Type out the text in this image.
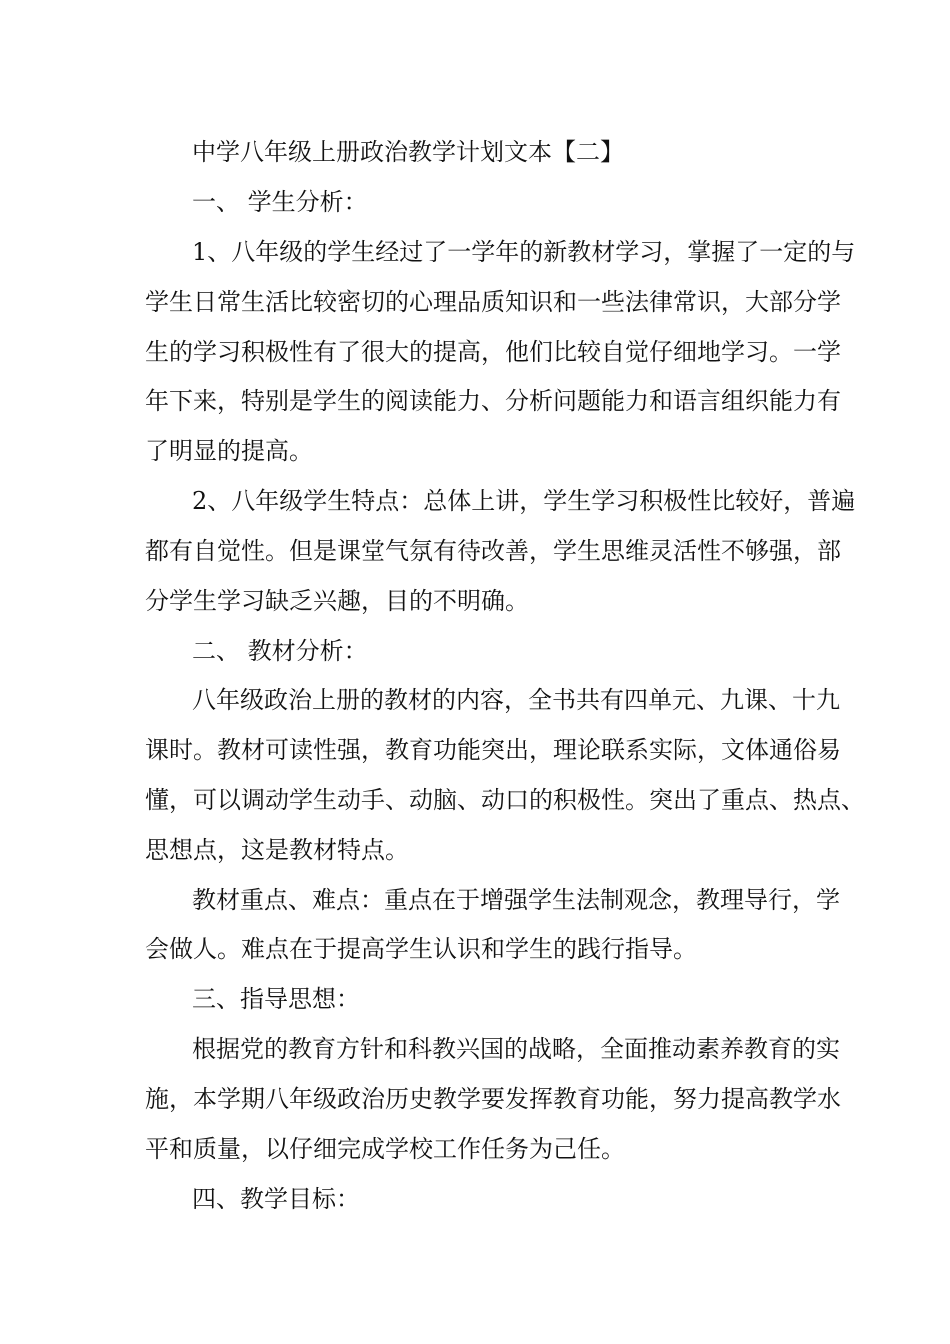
中学八年级上册政治教学计划文本【二】
一、 学生分析：
1、八年级的学生经过了一学年的新教材学习，掌握了一定的与
学生日常生活比较密切的心理品质知识和一些法律常识，大部分学
生的学习积极性有了很大的提高，他们比较自觉仔细地学习。一学
年下来，特别是学生的阅读能力、分析问题能力和语言组织能力有
了明显的提高。
2、八年级学生特点：总体上讲，学生学习积极性比较好，普遍
都有自觉性。但是课堂气氛有待改善，学生思维灵活性不够强，部
分学生学习缺乏兴趣，目的不明确。
二、 教材分析：
八年级政治上册的教材的内容，全书共有四单元、九课、十九
课时。教材可读性强，教育功能突出，理论联系实际，文体通俗易
懂，可以调动学生动手、动脑、动口的积极性。突出了重点、热点、
思想点，这是教材特点。
教材重点、难点：重点在于增强学生法制观念，教理导行，学
会做人。难点在于提高学生认识和学生的践行指导。
三、指导思想：
根据党的教育方针和科教兴国的战略，全面推动素养教育的实
施，本学期八年级政治历史教学要发挥教育功能，努力提高教学水
平和质量，以仔细完成学校工作任务为己任。
四、教学目标：
